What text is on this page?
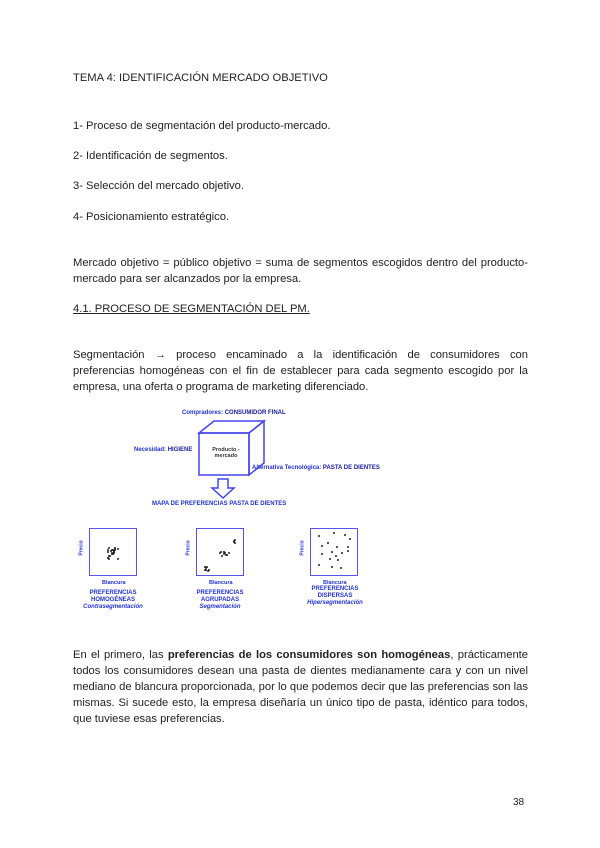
TEMA 4: IDENTIFICACIÓN MERCADO OBJETIVO
1- Proceso de segmentación del producto-mercado.
2- Identificación de segmentos.
3- Selección del mercado objetivo.
4- Posicionamiento estratégico.
Mercado objetivo = público objetivo = suma de segmentos escogidos dentro del producto-mercado para ser alcanzados por la empresa.
4.1. PROCESO DE SEGMENTACIÓN DEL PM.
Segmentación → proceso encaminado a la identificación de consumidores con preferencias homogéneas con el fin de establecer para cada segmento escogido por la empresa, una oferta o programa de marketing diferenciado.
Compradores: CONSUMIDOR FINAL
Producto - mercado
Necesidad: HIGIENE
Alternativa Tecnológica: PASTA DE DIENTES
MAPA DE PREFERENCIAS PASTA DE DIENTES
Precio
Blancura
PREFERENCIAS
HOMOGÉNEAS
Contrasegmentación
Precio
Blancura
PREFERENCIAS
AGRUPADAS
Segmentación
Precio
Blancura
PREFERENCIAS
DISPERSAS
Hipersegmentación
En el primero, las preferencias de los consumidores son homogéneas, prácticamente todos los consumidores desean una pasta de dientes medianamente cara y con un nivel mediano de blancura proporcionada, por lo que podemos decir que las preferencias son las mismas. Si sucede esto, la empresa diseñaría un único tipo de pasta, idéntico para todos, que tuviese esas preferencias.
38
